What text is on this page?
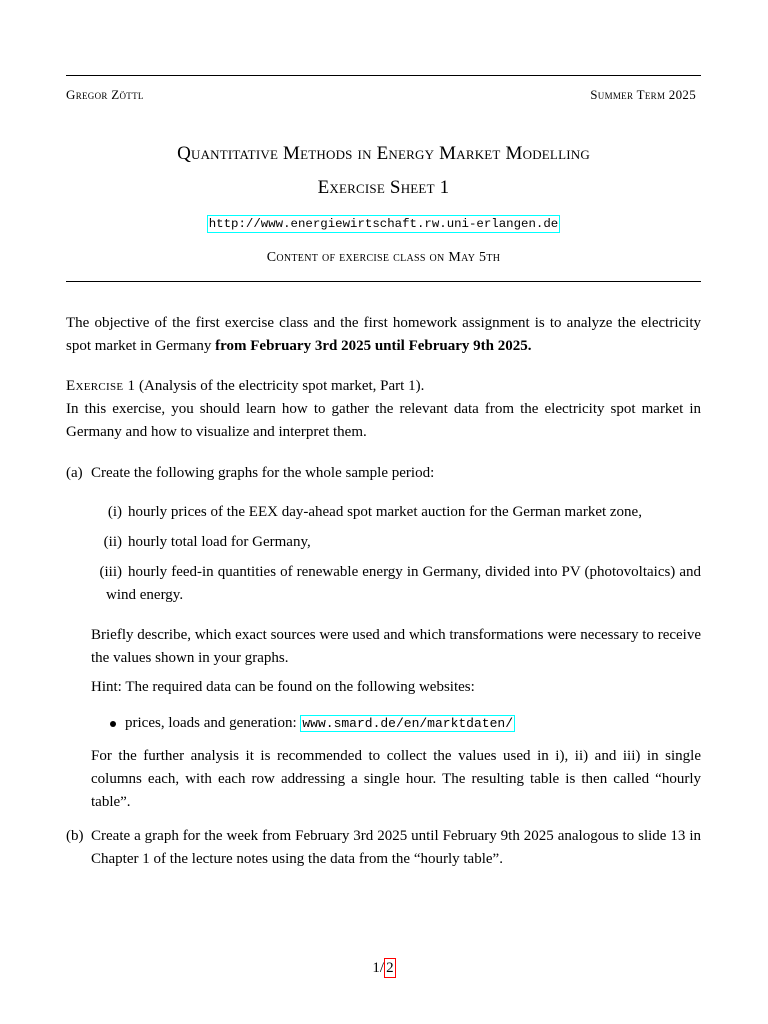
Gregor Zöttl	Summer Term 2025
Quantitative Methods in Energy Market Modelling
Exercise Sheet 1
http://www.energiewirtschaft.rw.uni-erlangen.de
Content of exercise class on May 5th

The objective of the first exercise class and the first homework assignment is to analyze the electricity spot market in Germany from February 3rd 2025 until February 9th 2025.

Exercise 1 (Analysis of the electricity spot market, Part 1).

In this exercise, you should learn how to gather the relevant data from the electricity spot market in Germany and how to visualize and interpret them.

(a) Create the following graphs for the whole sample period:

(i) hourly prices of the EEX day-ahead spot market auction for the German market zone,
(ii) hourly total load for Germany,
(iii) hourly feed-in quantities of renewable energy in Germany, divided into PV (photovoltaics) and wind energy.

Briefly describe, which exact sources were used and which transformations were necessary to receive the values shown in your graphs.

Hint: The required data can be found on the following websites:

prices, loads and generation: www.smard.de/en/marktdaten/

For the further analysis it is recommended to collect the values used in i), ii) and iii) in single columns each, with each row addressing a single hour. The resulting table is then called “hourly table”.

(b) Create a graph for the week from February 3rd 2025 until February 9th 2025 analogous to slide 13 in Chapter 1 of the lecture notes using the data from the “hourly table”.

1/ 2
